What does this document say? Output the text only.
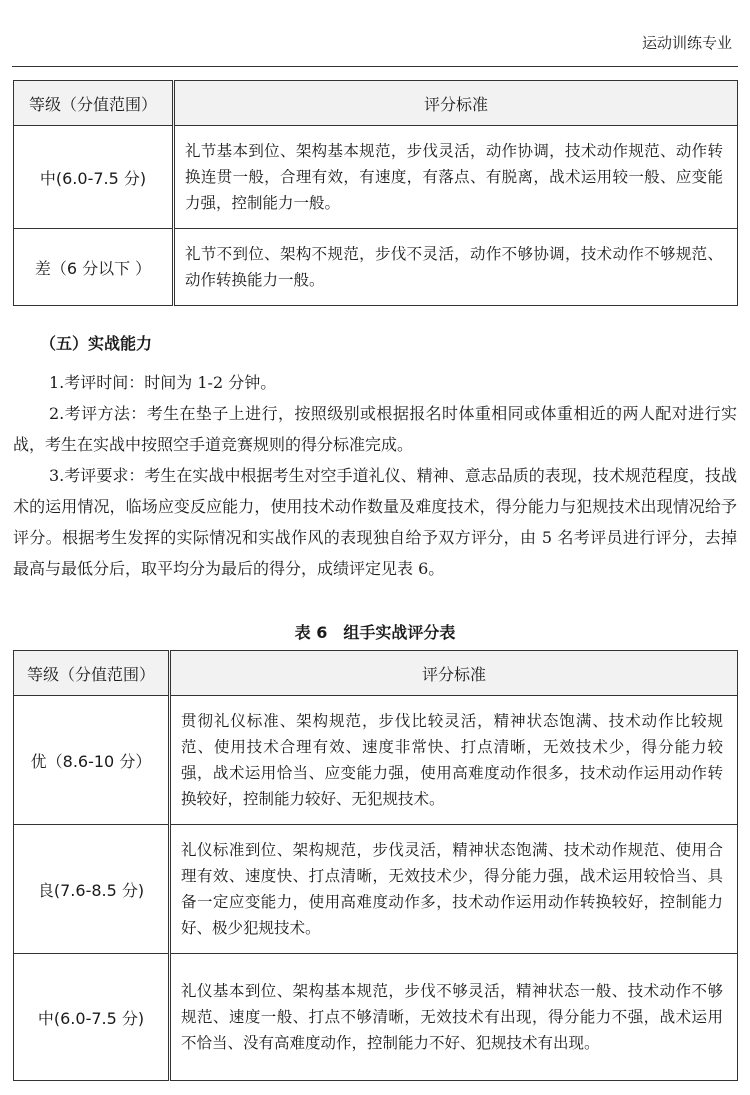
运动训练专业
等级（分值范围）	评分标准
中(6.0-7.5 分)	礼节基本到位、架构基本规范，步伐灵活，动作协调，技术动作规范、动作转换连贯一般，合理有效，有速度，有落点、有脱离，战术运用较一般、应变能力强，控制能力一般。
差（6 分以下 ）	礼节不到位、架构不规范，步伐不灵活，动作不够协调，技术动作不够规范、动作转换能力一般。
（五）实战能力

1.考评时间：时间为 1-2 分钟。

2.考评方法：考生在垫子上进行，按照级别或根据报名时体重相同或体重相近的两人配对进行实战，考生在实战中按照空手道竞赛规则的得分标准完成。

3.考评要求：考生在实战中根据考生对空手道礼仪、精神、意志品质的表现，技术规范程度，技战术的运用情况，临场应变反应能力，使用技术动作数量及难度技术，得分能力与犯规技术出现情况给予评分。根据考生发挥的实际情况和实战作风的表现独自给予双方评分，由 5 名考评员进行评分，去掉最高与最低分后，取平均分为最后的得分，成绩评定见表 6。

表 6　组手实战评分表
等级（分值范围）	评分标准
优（8.6-10 分）	贯彻礼仪标准、架构规范，步伐比较灵活，精神状态饱满、技术动作比较规范、使用技术合理有效、速度非常快、打点清晰，无效技术少，得分能力较强，战术运用恰当、应变能力强，使用高难度动作很多，技术动作运用动作转换较好，控制能力较好、无犯规技术。
良(7.6-8.5 分)	礼仪标准到位、架构规范，步伐灵活，精神状态饱满、技术动作规范、使用合理有效、速度快、打点清晰，无效技术少，得分能力强，战术运用较恰当、具备一定应变能力，使用高难度动作多，技术动作运用动作转换较好，控制能力好、极少犯规技术。
中(6.0-7.5 分)	礼仪基本到位、架构基本规范，步伐不够灵活，精神状态一般、技术动作不够规范、速度一般、打点不够清晰，无效技术有出现，得分能力不强，战术运用不恰当、没有高难度动作，控制能力不好、犯规技术有出现。
